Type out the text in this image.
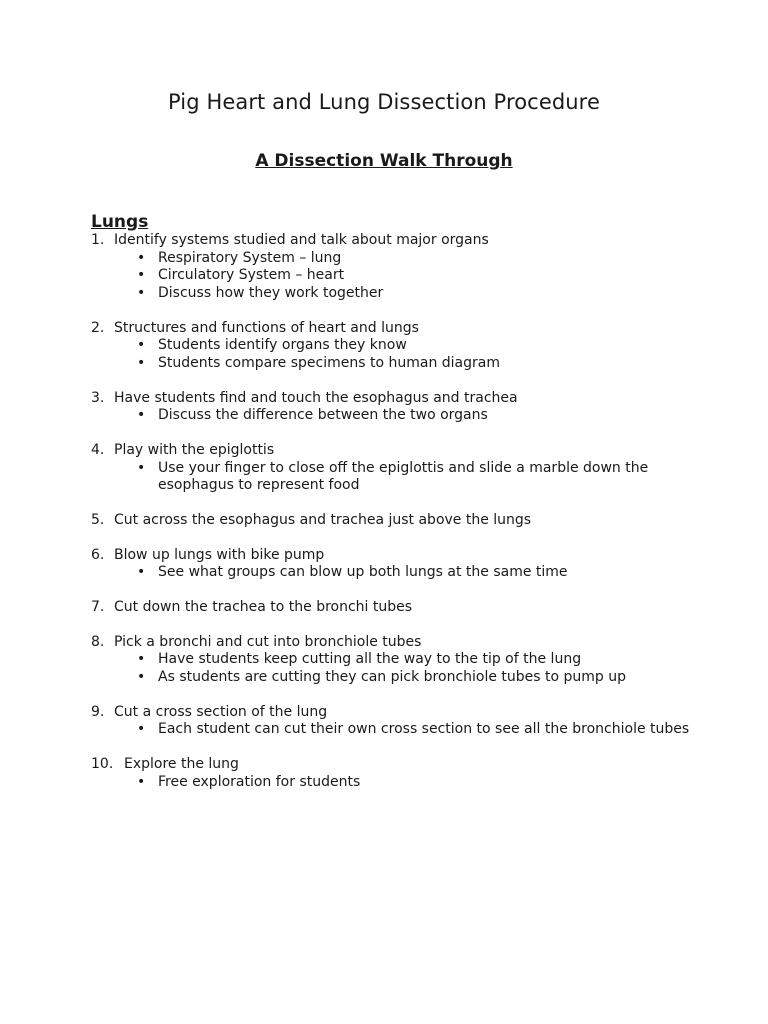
Pig Heart and Lung Dissection Procedure
A Dissection Walk Through
Lungs
1. Identify systems studied and talk about major organs
• Respiratory System – lung
• Circulatory System – heart
• Discuss how they work together
2. Structures and functions of heart and lungs
• Students identify organs they know
• Students compare specimens to human diagram
3. Have students find and touch the esophagus and trachea
• Discuss the difference between the two organs
4. Play with the epiglottis
• Use your finger to close off the epiglottis and slide a marble down the esophagus to represent food
5. Cut across the esophagus and trachea just above the lungs
6. Blow up lungs with bike pump
• See what groups can blow up both lungs at the same time
7. Cut down the trachea to the bronchi tubes
8. Pick a bronchi and cut into bronchiole tubes
• Have students keep cutting all the way to the tip of the lung
• As students are cutting they can pick bronchiole tubes to pump up
9. Cut a cross section of the lung
• Each student can cut their own cross section to see all the bronchiole tubes
10. Explore the lung
• Free exploration for students
